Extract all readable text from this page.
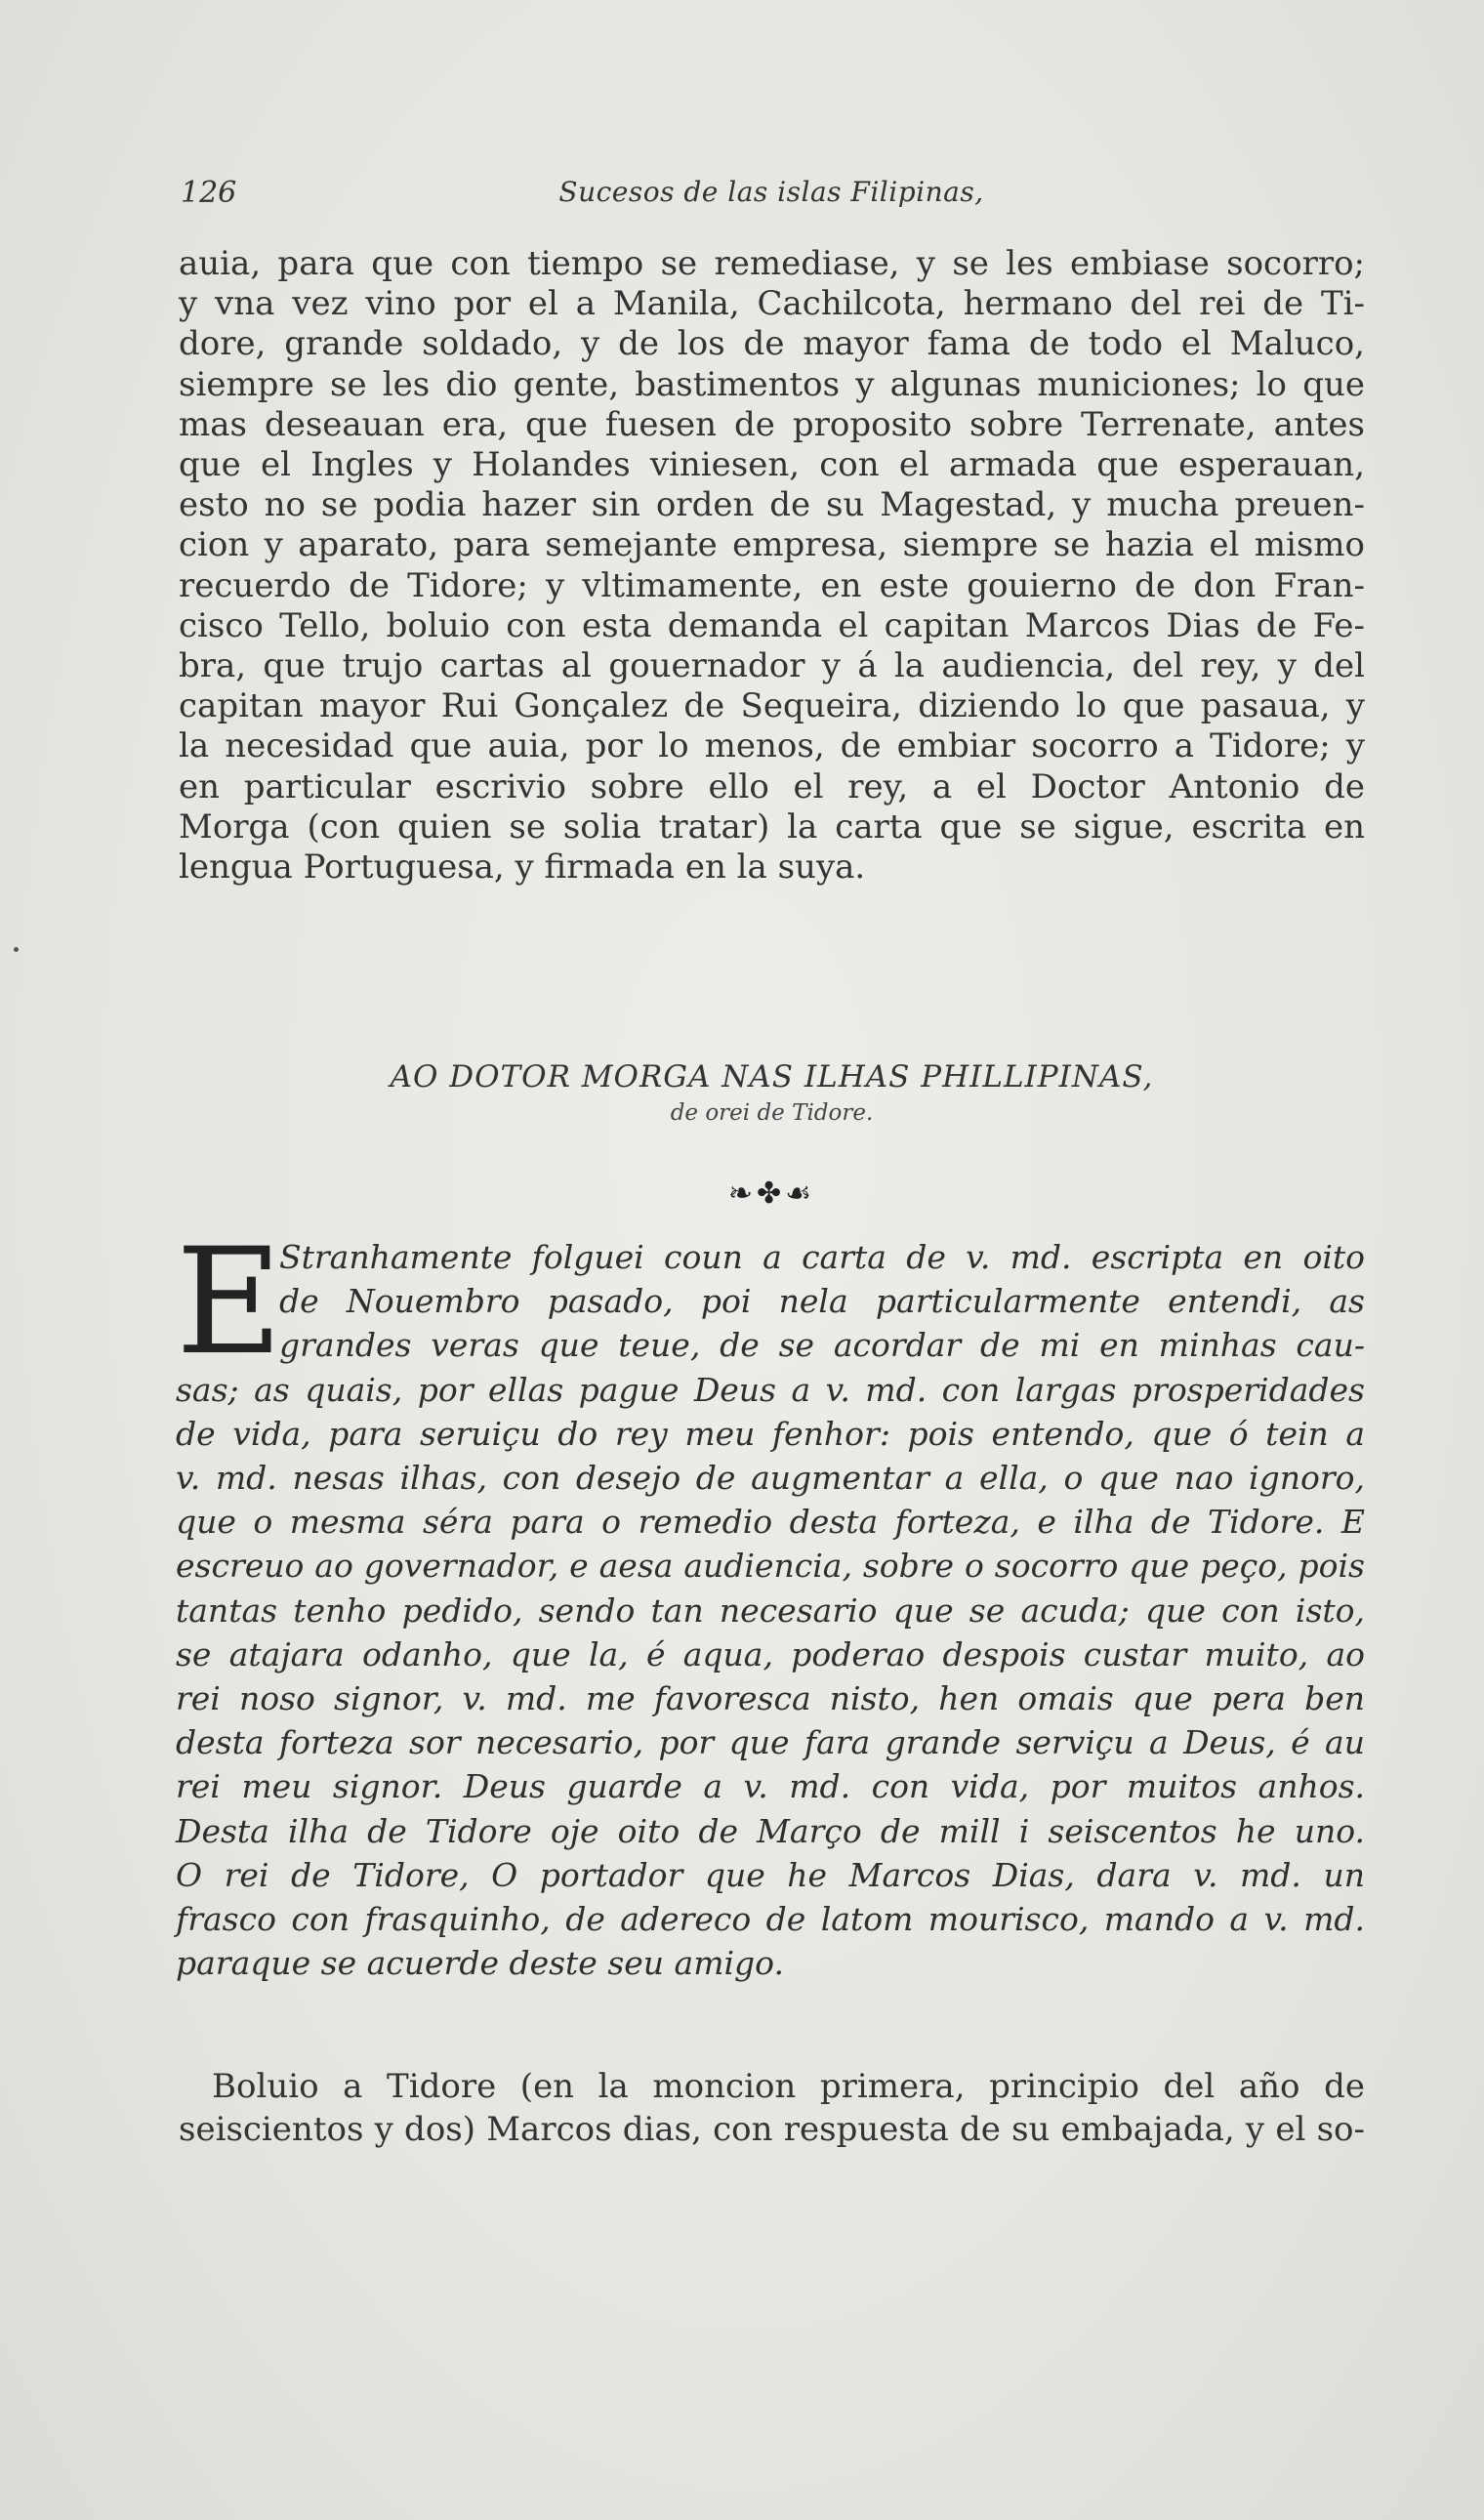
126	Sucesos de las islas Filipinas,
auia, para que con tiempo se remediase, y se les embiase socorro;
y vna vez vino por el a Manila, Cachilcota, hermano del rei de Ti-
dore, grande soldado, y de los de mayor fama de todo el Maluco,
siempre se les dio gente, bastimentos y algunas municiones; lo que
mas deseauan era, que fuesen de proposito sobre Terrenate, antes
que el Ingles y Holandes viniesen, con el armada que esperauan,
esto no se podia hazer sin orden de su Magestad, y mucha preuen-
cion y aparato, para semejante empresa, siempre se hazia el mismo
recuerdo de Tidore; y vltimamente, en este gouierno de don Fran-
cisco Tello, boluio con esta demanda el capitan Marcos Dias de Fe-
bra, que trujo cartas al gouernador y á la audiencia, del rey, y del
capitan mayor Rui Gonçalez de Sequeira, diziendo lo que pasaua, y
la necesidad que auia, por lo menos, de embiar socorro a Tidore; y
en particular escrivio sobre ello el rey, a el Doctor Antonio de
Morga (con quien se solia tratar) la carta que se sigue, escrita en
lengua Portuguesa, y firmada en la suya.
AO DOTOR MORGA NAS ILHAS PHILLIPINAS,
de orei de Tidore.
❧✤☙
E
Stranhamente folguei coun a carta de v. md. escripta en oito
de Nouembro pasado, poi nela particularmente entendi, as
grandes veras que teue, de se acordar de mi en minhas cau-
sas; as quais, por ellas pague Deus a v. md. con largas prosperidades
de vida, para seruiçu do rey meu fenhor: pois entendo, que ó tein a
v. md. nesas ilhas, con desejo de augmentar a ella, o que nao ignoro,
que o mesma séra para o remedio desta forteza, e ilha de Tidore. E
escreuo ao governador, e aesa audiencia, sobre o socorro que peço, pois
tantas tenho pedido, sendo tan necesario que se acuda; que con isto,
se atajara odanho, que la, é aqua, poderao despois custar muito, ao
rei noso signor, v. md. me favoresca nisto, hen omais que pera ben
desta forteza sor necesario, por que fara grande serviçu a Deus, é au
rei meu signor. Deus guarde a v. md. con vida, por muitos anhos.
Desta ilha de Tidore oje oito de Março de mill i seiscentos he uno.
O rei de Tidore, O portador que he Marcos Dias, dara v. md. un
frasco con frasquinho, de adereco de latom mourisco, mando a v. md.
paraque se acuerde deste seu amigo.
Boluio a Tidore (en la moncion primera, principio del año de
seiscientos y dos) Marcos dias, con respuesta de su embajada, y el so-
